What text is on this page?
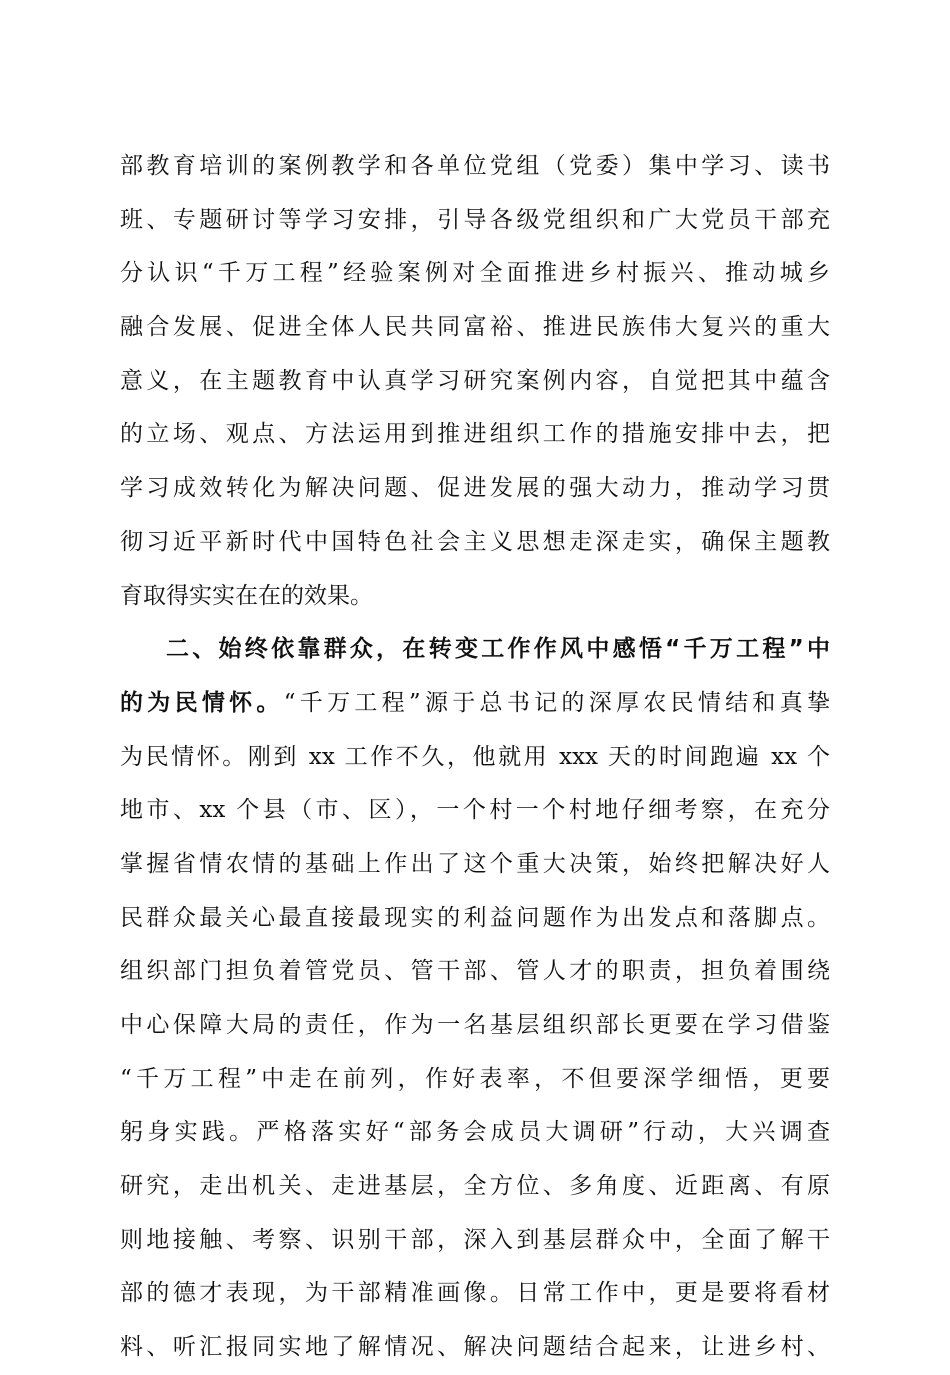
部教育培训的案例教学和各单位党组（党委）集中学习、读书
班、专题研讨等学习安排，引导各级党组织和广大党员干部充
分认识“千万工程”经验案例对全面推进乡村振兴、推动城乡
融合发展、促进全体人民共同富裕、推进民族伟大复兴的重大
意义，在主题教育中认真学习研究案例内容，自觉把其中蕴含
的立场、观点、方法运用到推进组织工作的措施安排中去，把
学习成效转化为解决问题、促进发展的强大动力，推动学习贯
彻习近平新时代中国特色社会主义思想走深走实，确保主题教
育取得实实在在的效果。
二、始终依靠群众，在转变工作作风中感悟“千万工程”中
的为民情怀。“千万工程”源于总书记的深厚农民情结和真挚
为民情怀。刚到 xx 工作不久，他就用 xxx 天的时间跑遍 xx 个
地市、xx 个县（市、区），一个村一个村地仔细考察，在充分
掌握省情农情的基础上作出了这个重大决策，始终把解决好人
民群众最关心最直接最现实的利益问题作为出发点和落脚点。
组织部门担负着管党员、管干部、管人才的职责，担负着围绕
中心保障大局的责任，作为一名基层组织部长更要在学习借鉴
“千万工程”中走在前列，作好表率，不但要深学细悟，更要
躬身实践。严格落实好“部务会成员大调研”行动，大兴调查
研究，走出机关、走进基层，全方位、多角度、近距离、有原
则地接触、考察、识别干部，深入到基层群众中，全面了解干
部的德才表现，为干部精准画像。日常工作中，更是要将看材
料、听汇报同实地了解情况、解决问题结合起来，让进乡村、
